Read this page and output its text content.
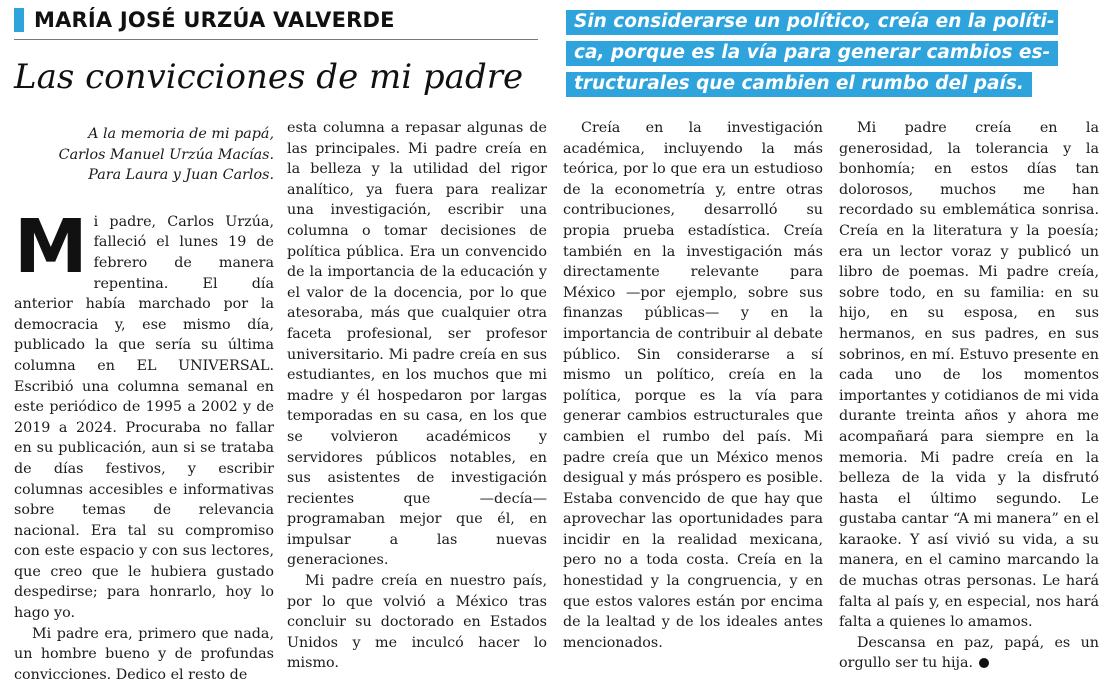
MARÍA JOSÉ URZÚA VALVERDE
Las convicciones de mi padre
Sin considerarse un político, creía en la políti-
ca, porque es la vía para generar cambios es-
tructurales que cambien el rumbo del país.
A la memoria de mi papá,
Carlos Manuel Urzúa Macías.
Para Laura y Juan Carlos.

Mi padre, Carlos Urzúa, falleció el lunes 19 de febrero de manera repentina. El día anterior había marchado por la democracia y, ese mismo día, publicado la que sería su última columna en EL UNIVERSAL. Escribió una columna semanal en este periódico de 1995 a 2002 y de 2019 a 2024. Procuraba no fallar en su publicación, aun si se trataba de días festivos, y escribir columnas accesibles e informativas sobre temas de relevancia nacional. Era tal su compromiso con este espacio y con sus lectores, que creo que le hubiera gustado despedirse; para honrarlo, hoy lo hago yo.

Mi padre era, primero que nada, un hombre bueno y de profundas convicciones. Dedico el resto de

esta columna a repasar algunas de las principales. Mi padre creía en la belleza y la utilidad del rigor analítico, ya fuera para realizar una investigación, escribir una columna o tomar decisiones de política pública. Era un convencido de la importancia de la educación y el valor de la docencia, por lo que atesoraba, más que cualquier otra faceta profesional, ser profesor universitario. Mi padre creía en sus estudiantes, en los muchos que mi madre y él hospedaron por largas temporadas en su casa, en los que se volvieron académicos y servidores públicos notables, en sus asistentes de investigación recientes que —decía— programaban mejor que él, en impulsar a las nuevas generaciones.

Mi padre creía en nuestro país, por lo que volvió a México tras concluir su doctorado en Estados Unidos y me inculcó hacer lo mismo.

Creía en la investigación académica, incluyendo la más teórica, por lo que era un estudioso de la econometría y, entre otras contribuciones, desarrolló su propia prueba estadística. Creía también en la investigación más directamente relevante para México —por ejemplo, sobre sus finanzas públicas— y en la importancia de contribuir al debate público. Sin considerarse a sí mismo un político, creía en la política, porque es la vía para generar cambios estructurales que cambien el rumbo del país. Mi padre creía que un México menos desigual y más próspero es posible. Estaba convencido de que hay que aprovechar las oportunidades para incidir en la realidad mexicana, pero no a toda costa. Creía en la honestidad y la congruencia, y en que estos valores están por encima de la lealtad y de los ideales antes mencionados.

Mi padre creía en la generosidad, la tolerancia y la bonhomía; en estos días tan dolorosos, muchos me han recordado su emblemática sonrisa. Creía en la literatura y la poesía; era un lector voraz y publicó un libro de poemas. Mi padre creía, sobre todo, en su familia: en su hijo, en su esposa, en sus hermanos, en sus padres, en sus sobrinos, en mí. Estuvo presente en cada uno de los momentos importantes y cotidianos de mi vida durante treinta años y ahora me acompañará para siempre en la memoria. Mi padre creía en la belleza de la vida y la disfrutó hasta el último segundo. Le gustaba cantar “A mi manera” en el karaoke. Y así vivió su vida, a su manera, en el camino marcando la de muchas otras personas. Le hará falta al país y, en especial, nos hará falta a quienes lo amamos.

Descansa en paz, papá, es un orgullo ser tu hija.
